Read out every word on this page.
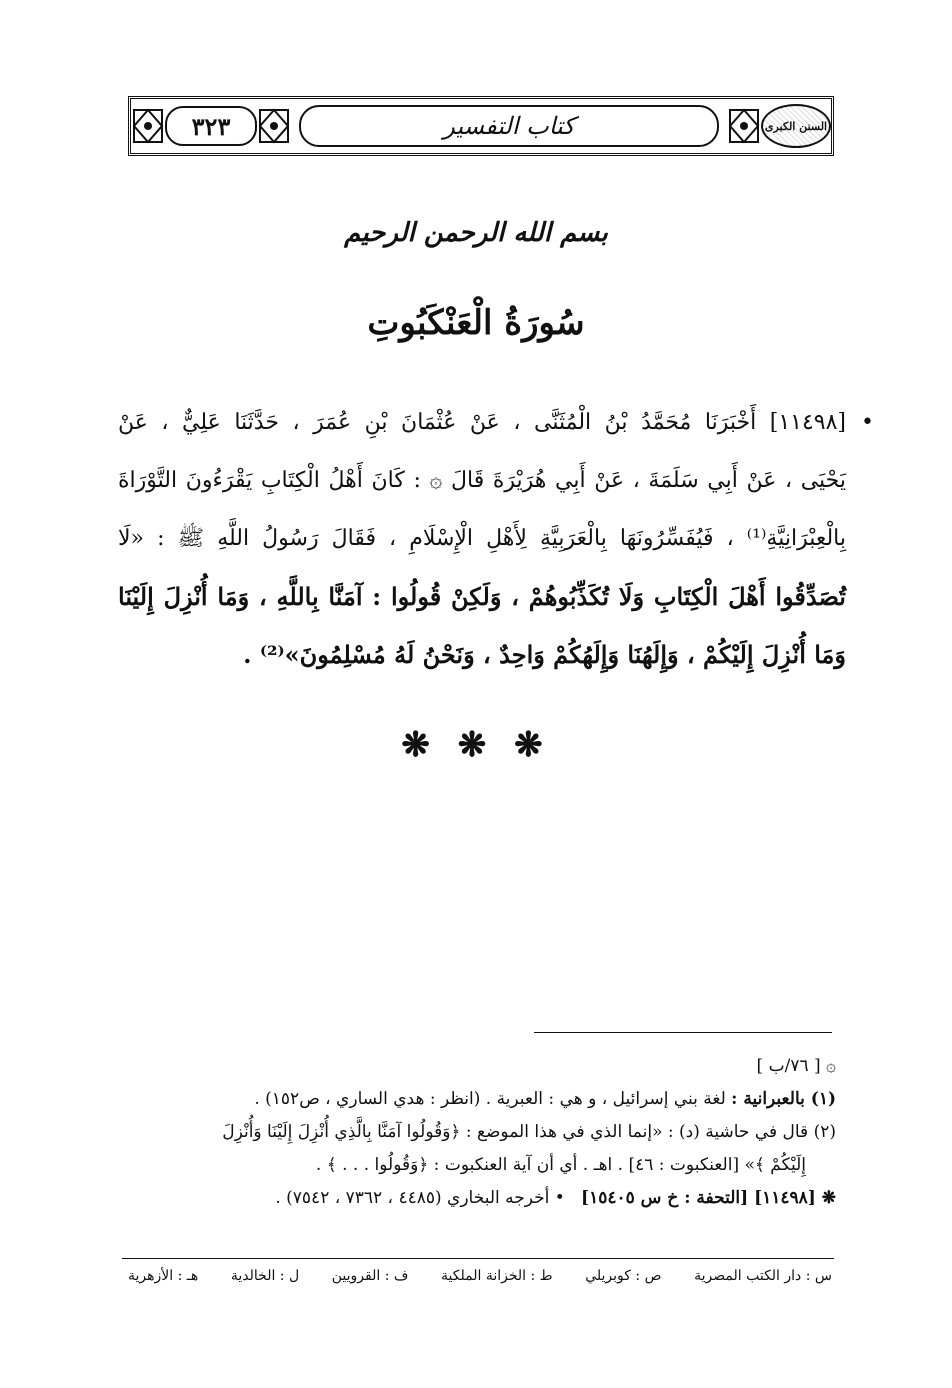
٣٢٣	كتاب التفسير	السنن الكبرى
بسم الله الرحمن الرحيم
سُورَةُ الْعَنْكَبُوتِ
•
[١١٤٩٨] أَخْبَرَنَا مُحَمَّدُ بْنُ الْمُثَنَّى ، عَنْ عُثْمَانَ بْنِ عُمَرَ ، حَدَّثَنَا عَلِيٌّ ، عَنْ
يَحْيَى ، عَنْ أَبِي سَلَمَةَ ، عَنْ أَبِي هُرَيْرَةَ قَالَ ۞ : كَانَ أَهْلُ الْكِتَابِ يَقْرَءُونَ التَّوْرَاةَ
بِالْعِبْرَانِيَّةِ⁽¹⁾ ، فَيُفَسِّرُونَهَا بِالْعَرَبِيَّةِ لِأَهْلِ الْإِسْلَامِ ، فَقَالَ رَسُولُ اللَّهِ ﷺ : «لَا
تُصَدِّقُوا أَهْلَ الْكِتَابِ وَلَا تُكَذِّبُوهُمْ ، وَلَكِنْ قُولُوا : آمَنَّا بِاللَّهِ ، وَمَا أُنْزِلَ إِلَيْنَا
وَمَا أُنْزِلَ إِلَيْكُمْ ، وَإِلَهُنَا وَإِلَهُكُمْ وَاحِدٌ ، وَنَحْنُ لَهُ مُسْلِمُونَ»⁽²⁾ .
❋ ❋ ❋
۞ [ ٧٦/ب ]
(١) بالعبرانية : لغة بني إسرائيل ، و هي : العبرية . (انظر : هدي الساري ، ص١٥٢) .
(٢) قال في حاشية (د) : «إنما الذي في هذا الموضع : ﴿وَقُولُوا آمَنَّا بِالَّذِي أُنْزِلَ إِلَيْنَا وَأُنْزِلَ
إِلَيْكُمْ ﴾» [العنكبوت : ٤٦] . اهـ . أي أن آية العنكبوت : ﴿وَقُولُوا . . . ﴾ .
❋ [١١٤٩٨] [التحفة : خ س ١٥٤٠٥]   • أخرجه البخاري (٤٤٨٥ ، ٧٣٦٢ ، ٧٥٤٢) .
س : دار الكتب المصرية
ص : كوبريلي
ط : الخزانة الملكية
ف : القرويين
ل : الخالدية
هـ : الأزهرية
